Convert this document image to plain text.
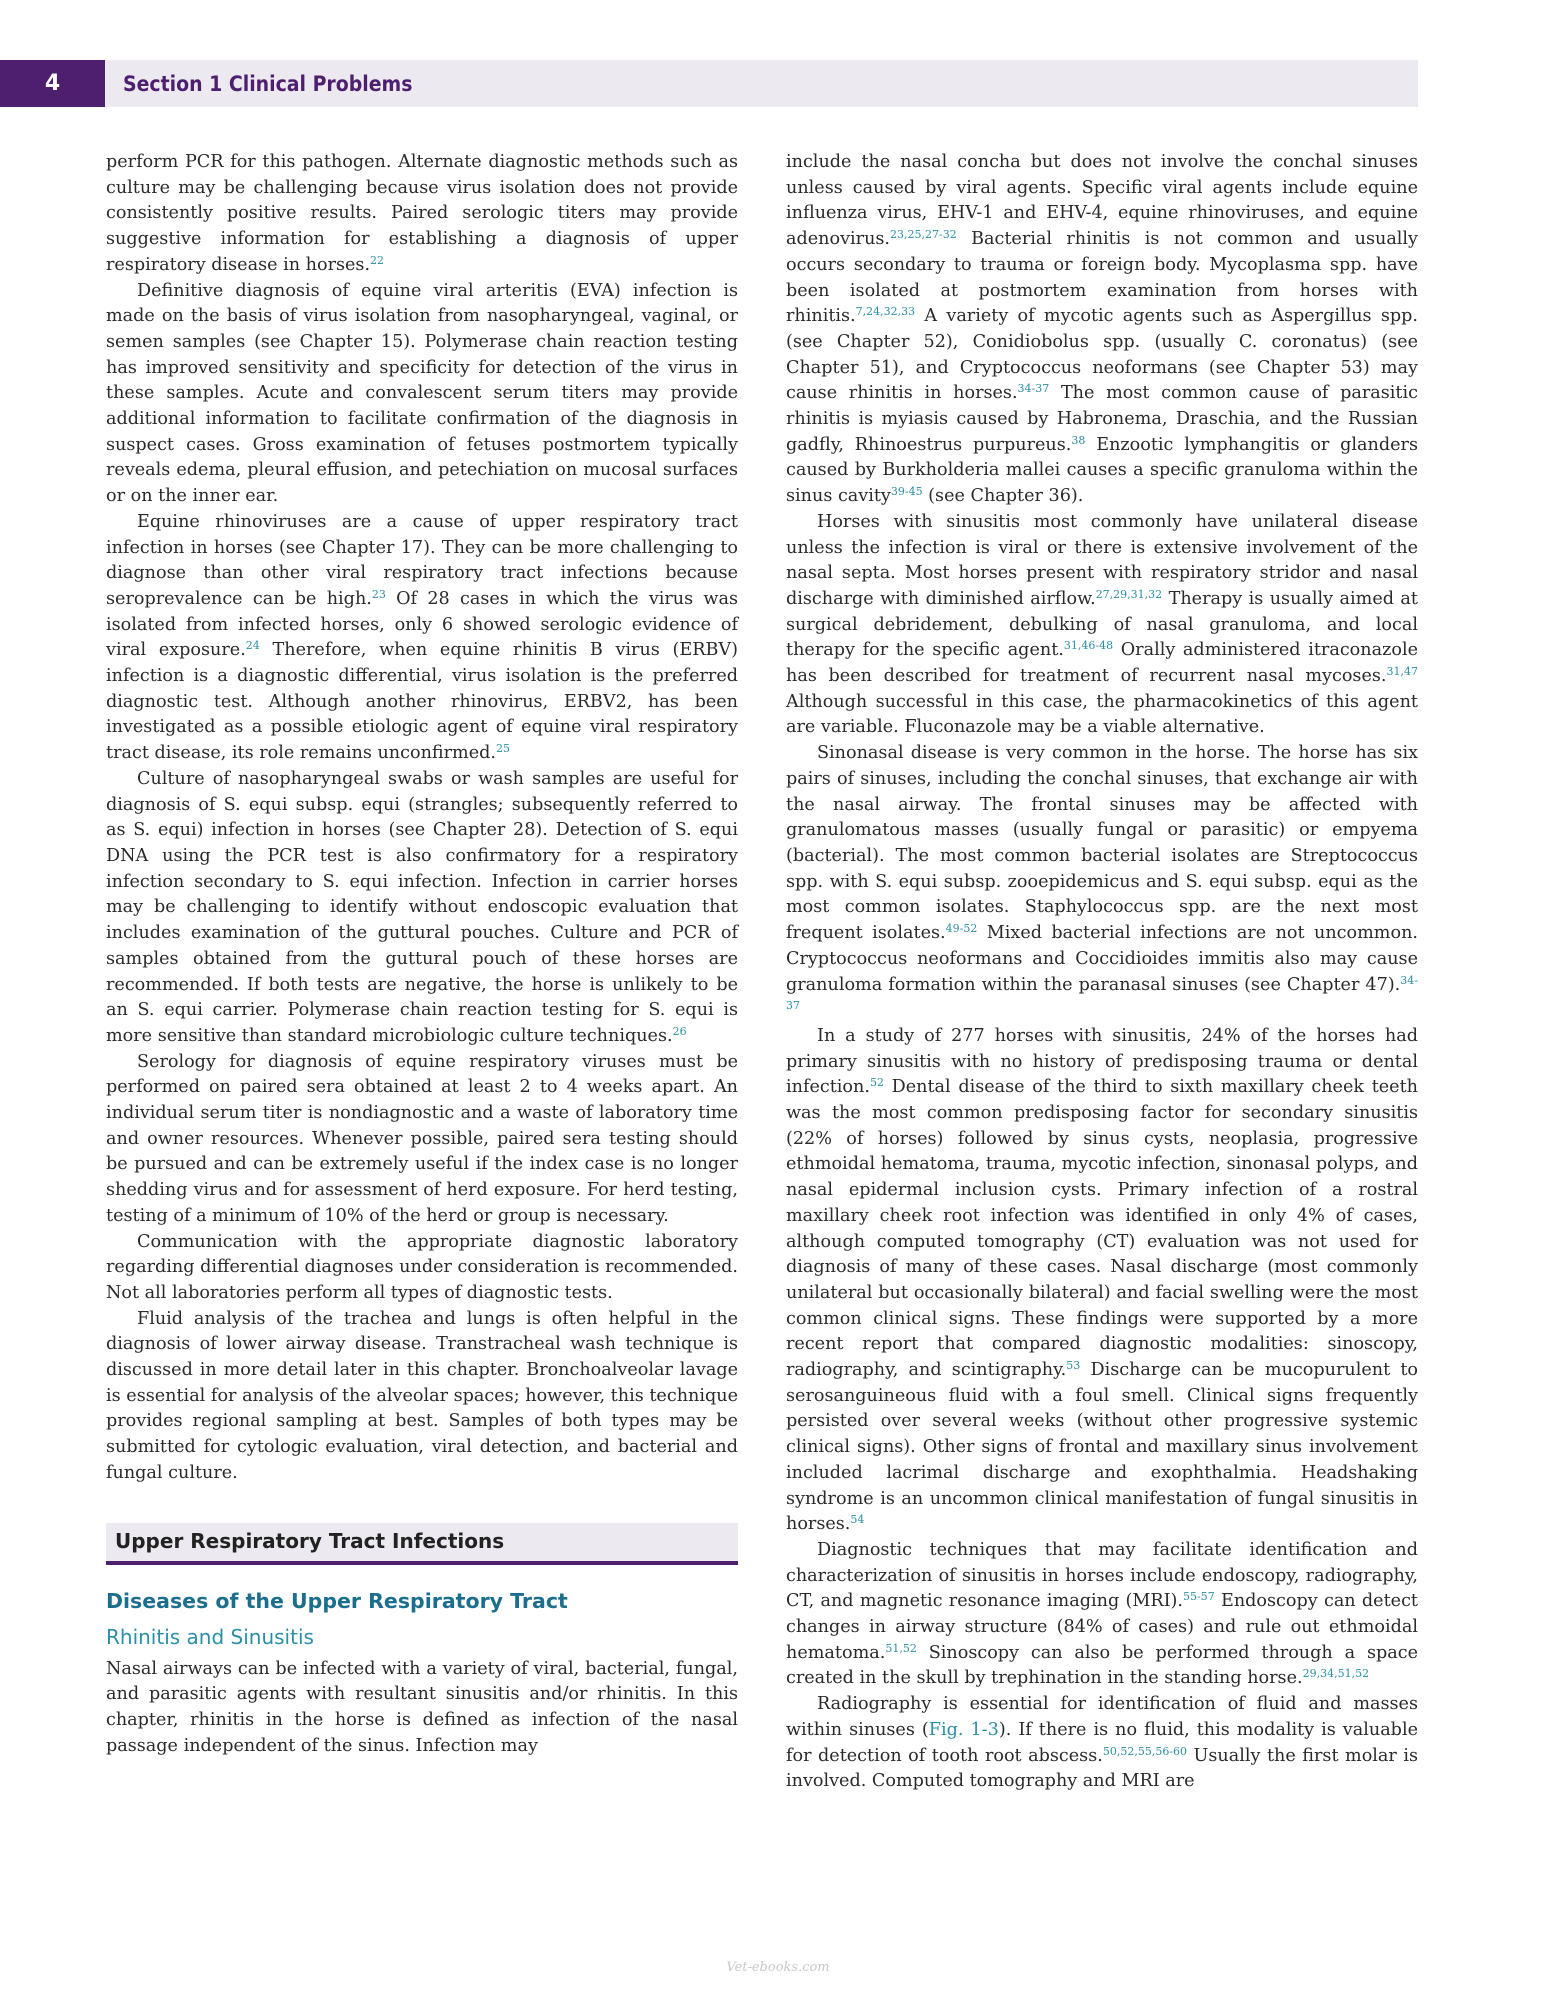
4	Section 1 Clinical Problems

perform PCR for this pathogen. Alternate diagnostic methods such as culture may be challenging because virus isolation does not provide consistently positive results. Paired serologic titers may provide suggestive information for establishing a diagnosis of upper respiratory disease in horses.$^{22}$

Definitive diagnosis of equine viral arteritis (EVA) infection is made on the basis of virus isolation from nasopharyngeal, vaginal, or semen samples (see Chapter 15). Polymerase chain reaction testing has improved sensitivity and specificity for detection of the virus in these samples. Acute and convalescent serum titers may provide additional information to facilitate confirmation of the diagnosis in suspect cases. Gross examination of fetuses postmortem typically reveals edema, pleural effusion, and petechiation on mucosal surfaces or on the inner ear.

Equine rhinoviruses are a cause of upper respiratory tract infection in horses (see Chapter 17). They can be more challenging to diagnose than other viral respiratory tract infections because seroprevalence can be high.$^{23}$ Of 28 cases in which the virus was isolated from infected horses, only 6 showed serologic evidence of viral exposure.$^{24}$ Therefore, when equine rhinitis B virus (ERBV) infection is a diagnostic differential, virus isolation is the preferred diagnostic test. Although another rhinovirus, ERBV2, has been investigated as a possible etiologic agent of equine viral respiratory tract disease, its role remains unconfirmed.$^{25}$

Culture of nasopharyngeal swabs or wash samples are useful for diagnosis of S. equi subsp. equi (strangles; subsequently referred to as S. equi) infection in horses (see Chapter 28). Detection of S. equi DNA using the PCR test is also confirmatory for a respiratory infection secondary to S. equi infection. Infection in carrier horses may be challenging to identify without endoscopic evaluation that includes examination of the guttural pouches. Culture and PCR of samples obtained from the guttural pouch of these horses are recommended. If both tests are negative, the horse is unlikely to be an S. equi carrier. Polymerase chain reaction testing for S. equi is more sensitive than standard microbiologic culture techniques.$^{26}$

Serology for diagnosis of equine respiratory viruses must be performed on paired sera obtained at least 2 to 4 weeks apart. An individual serum titer is nondiagnostic and a waste of laboratory time and owner resources. Whenever possible, paired sera testing should be pursued and can be extremely useful if the index case is no longer shedding virus and for assessment of herd exposure. For herd testing, testing of a minimum of 10% of the herd or group is necessary.

Communication with the appropriate diagnostic laboratory regarding differential diagnoses under consideration is recommended. Not all laboratories perform all types of diagnostic tests.

Fluid analysis of the trachea and lungs is often helpful in the diagnosis of lower airway disease. Transtracheal wash technique is discussed in more detail later in this chapter. Bronchoalveolar lavage is essential for analysis of the alveolar spaces; however, this technique provides regional sampling at best. Samples of both types may be submitted for cytologic evaluation, viral detection, and bacterial and fungal culture.

Upper Respiratory Tract Infections
Diseases of the Upper Respiratory Tract
Rhinitis and Sinusitis

Nasal airways can be infected with a variety of viral, bacterial, fungal, and parasitic agents with resultant sinusitis and/or rhinitis. In this chapter, rhinitis in the horse is defined as infection of the nasal passage independent of the sinus. Infection may

include the nasal concha but does not involve the conchal sinuses unless caused by viral agents. Specific viral agents include equine influenza virus, EHV-1 and EHV-4, equine rhinoviruses, and equine adenovirus.$^{23,25,27-32}$ Bacterial rhinitis is not common and usually occurs secondary to trauma or foreign body. Mycoplasma spp. have been isolated at postmortem examination from horses with rhinitis.$^{7,24,32,33}$ A variety of mycotic agents such as Aspergillus spp. (see Chapter 52), Conidiobolus spp. (usually C. coronatus) (see Chapter 51), and Cryptococcus neoformans (see Chapter 53) may cause rhinitis in horses.$^{34-37}$ The most common cause of parasitic rhinitis is myiasis caused by Habronema, Draschia, and the Russian gadfly, Rhinoestrus purpureus.$^{38}$ Enzootic lymphangitis or glanders caused by Burkholderia mallei causes a specific granuloma within the sinus cavity$^{39-45}$ (see Chapter 36).

Horses with sinusitis most commonly have unilateral disease unless the infection is viral or there is extensive involvement of the nasal septa. Most horses present with respiratory stridor and nasal discharge with diminished airflow.$^{27,29,31,32}$ Therapy is usually aimed at surgical debridement, debulking of nasal granuloma, and local therapy for the specific agent.$^{31,46-48}$ Orally administered itraconazole has been described for treatment of recurrent nasal mycoses.$^{31,47}$ Although successful in this case, the pharmacokinetics of this agent are variable. Fluconazole may be a viable alternative.

Sinonasal disease is very common in the horse. The horse has six pairs of sinuses, including the conchal sinuses, that exchange air with the nasal airway. The frontal sinuses may be affected with granulomatous masses (usually fungal or parasitic) or empyema (bacterial). The most common bacterial isolates are Streptococcus spp. with S. equi subsp. zooepidemicus and S. equi subsp. equi as the most common isolates. Staphylococcus spp. are the next most frequent isolates.$^{49-52}$ Mixed bacterial infections are not uncommon. Cryptococcus neoformans and Coccidioides immitis also may cause granuloma formation within the paranasal sinuses (see Chapter 47).$^{34-37}$

In a study of 277 horses with sinusitis, 24% of the horses had primary sinusitis with no history of predisposing trauma or dental infection.$^{52}$ Dental disease of the third to sixth maxillary cheek teeth was the most common predisposing factor for secondary sinusitis (22% of horses) followed by sinus cysts, neoplasia, progressive ethmoidal hematoma, trauma, mycotic infection, sinonasal polyps, and nasal epidermal inclusion cysts. Primary infection of a rostral maxillary cheek root infection was identified in only 4% of cases, although computed tomography (CT) evaluation was not used for diagnosis of many of these cases. Nasal discharge (most commonly unilateral but occasionally bilateral) and facial swelling were the most common clinical signs. These findings were supported by a more recent report that compared diagnostic modalities: sinoscopy, radiography, and scintigraphy.$^{53}$ Discharge can be mucopurulent to serosanguineous fluid with a foul smell. Clinical signs frequently persisted over several weeks (without other progressive systemic clinical signs). Other signs of frontal and maxillary sinus involvement included lacrimal discharge and exophthalmia. Headshaking syndrome is an uncommon clinical manifestation of fungal sinusitis in horses.$^{54}$

Diagnostic techniques that may facilitate identification and characterization of sinusitis in horses include endoscopy, radiography, CT, and magnetic resonance imaging (MRI).$^{55-57}$ Endoscopy can detect changes in airway structure (84% of cases) and rule out ethmoidal hematoma.$^{51,52}$ Sinoscopy can also be performed through a space created in the skull by trephination in the standing horse.$^{29,34,51,52}$

Radiography is essential for identification of fluid and masses within sinuses (Fig. 1-3). If there is no fluid, this modality is valuable for detection of tooth root abscess.$^{50,52,55,56-60}$ Usually the first molar is involved. Computed tomography and MRI are

Vet-ebooks.com
